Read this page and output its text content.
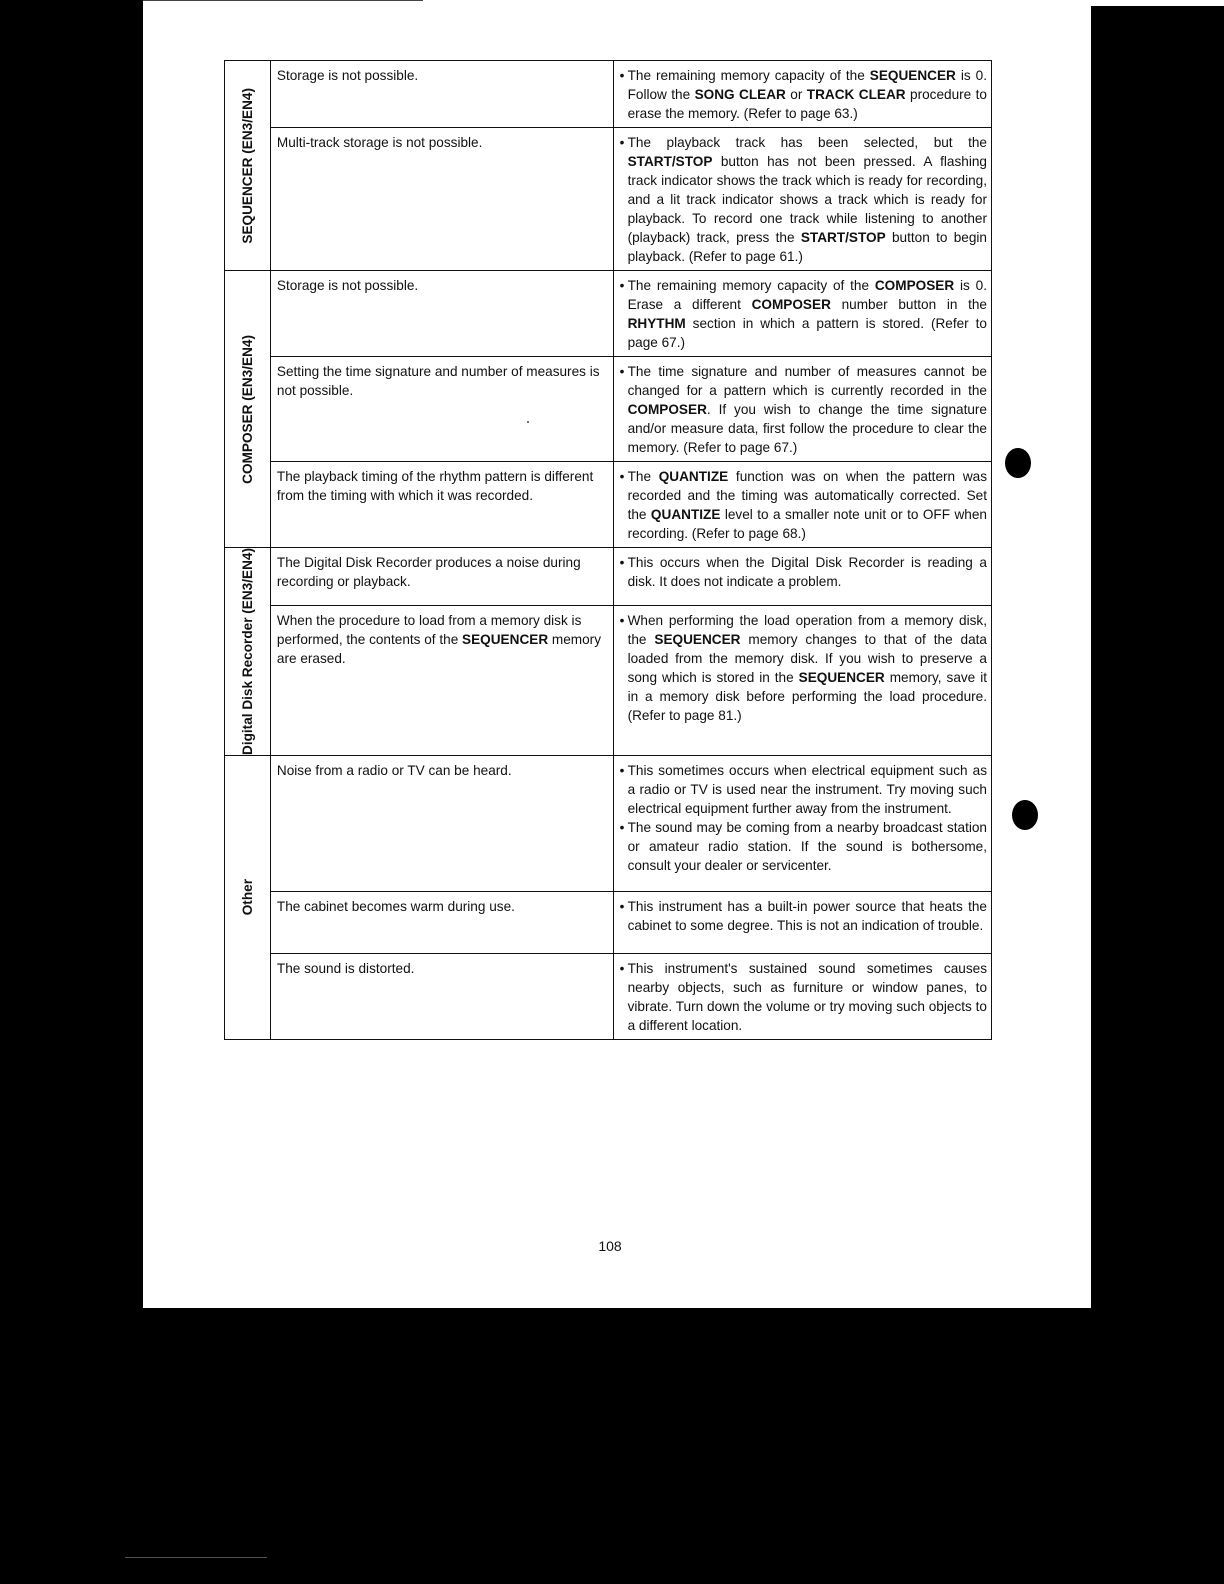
SEQUENCER (EN3/EN4)	Storage is not possible.	• The remaining memory capacity of the SEQUENCER is 0. Follow the SONG CLEAR or TRACK CLEAR procedure to erase the memory. (Refer to page 63.)

	Multi-track storage is not possible.	• The playback track has been selected, but the START/STOP button has not been pressed. A flashing track indicator shows the track which is ready for recording, and a lit track indicator shows a track which is ready for playback. To record one track while listening to another (playback) track, press the START/STOP button to begin playback. (Refer to page 61.)

COMPOSER (EN3/EN4)	Storage is not possible.	• The remaining memory capacity of the COMPOSER is 0. Erase a different COMPOSER number button in the RHYTHM section in which a pattern is stored. (Refer to page 67.)

	Setting the time signature and number of measures is not possible.	• The time signature and number of measures cannot be changed for a pattern which is currently recorded in the COMPOSER. If you wish to change the time signature and/or measure data, first follow the procedure to clear the memory. (Refer to page 67.)

	The playback timing of the rhythm pattern is different from the timing with which it was recorded.	• The QUANTIZE function was on when the pattern was recorded and the timing was automatically corrected. Set the QUANTIZE level to a smaller note unit or to OFF when recording. (Refer to page 68.)

Digital Disk Recorder (EN3/EN4)	The Digital Disk Recorder produces a noise during recording or playback.	• This occurs when the Digital Disk Recorder is reading a disk. It does not indicate a problem.

	When the procedure to load from a memory disk is performed, the contents of the SEQUENCER memory are erased.	• When performing the load operation from a memory disk, the SEQUENCER memory changes to that of the data loaded from the memory disk. If you wish to preserve a song which is stored in the SEQUENCER memory, save it in a memory disk before performing the load procedure. (Refer to page 81.)

Other	Noise from a radio or TV can be heard.	• This sometimes occurs when electrical equipment such as a radio or TV is used near the instrument. Try moving such electrical equipment further away from the instrument.
• The sound may be coming from a nearby broadcast station or amateur radio station. If the sound is bothersome, consult your dealer or servicenter.

	The cabinet becomes warm during use.	• This instrument has a built-in power source that heats the cabinet to some degree. This is not an indication of trouble.

	The sound is distorted.	• This instrument's sustained sound sometimes causes nearby objects, such as furniture or window panes, to vibrate. Turn down the volume or try moving such objects to a different location.
108
